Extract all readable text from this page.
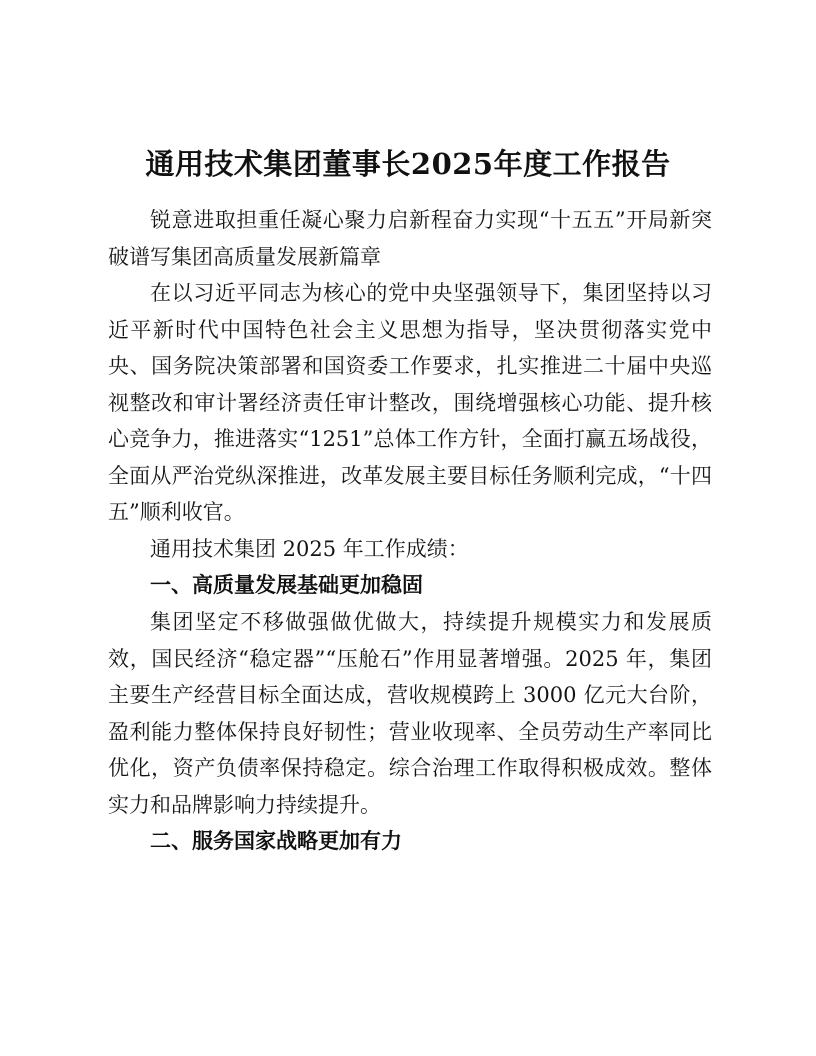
通用技术集团董事长2025年度工作报告
锐意进取担重任凝心聚力启新程奋力实现“十五五”开局新突破谱写集团高质量发展新篇章
在以习近平同志为核心的党中央坚强领导下，集团坚持以习近平新时代中国特色社会主义思想为指导，坚决贯彻落实党中央、国务院决策部署和国资委工作要求，扎实推进二十届中央巡视整改和审计署经济责任审计整改，围绕增强核心功能、提升核心竞争力，推进落实“1251”总体工作方针，全面打赢五场战役，全面从严治党纵深推进，改革发展主要目标任务顺利完成，“十四五”顺利收官。
通用技术集团 2025 年工作成绩：
一、高质量发展基础更加稳固
集团坚定不移做强做优做大，持续提升规模实力和发展质效，国民经济“稳定器”“压舱石”作用显著增强。2025 年，集团主要生产经营目标全面达成，营收规模跨上 3000 亿元大台阶，盈利能力整体保持良好韧性；营业收现率、全员劳动生产率同比优化，资产负债率保持稳定。综合治理工作取得积极成效。整体实力和品牌影响力持续提升。
二、服务国家战略更加有力
